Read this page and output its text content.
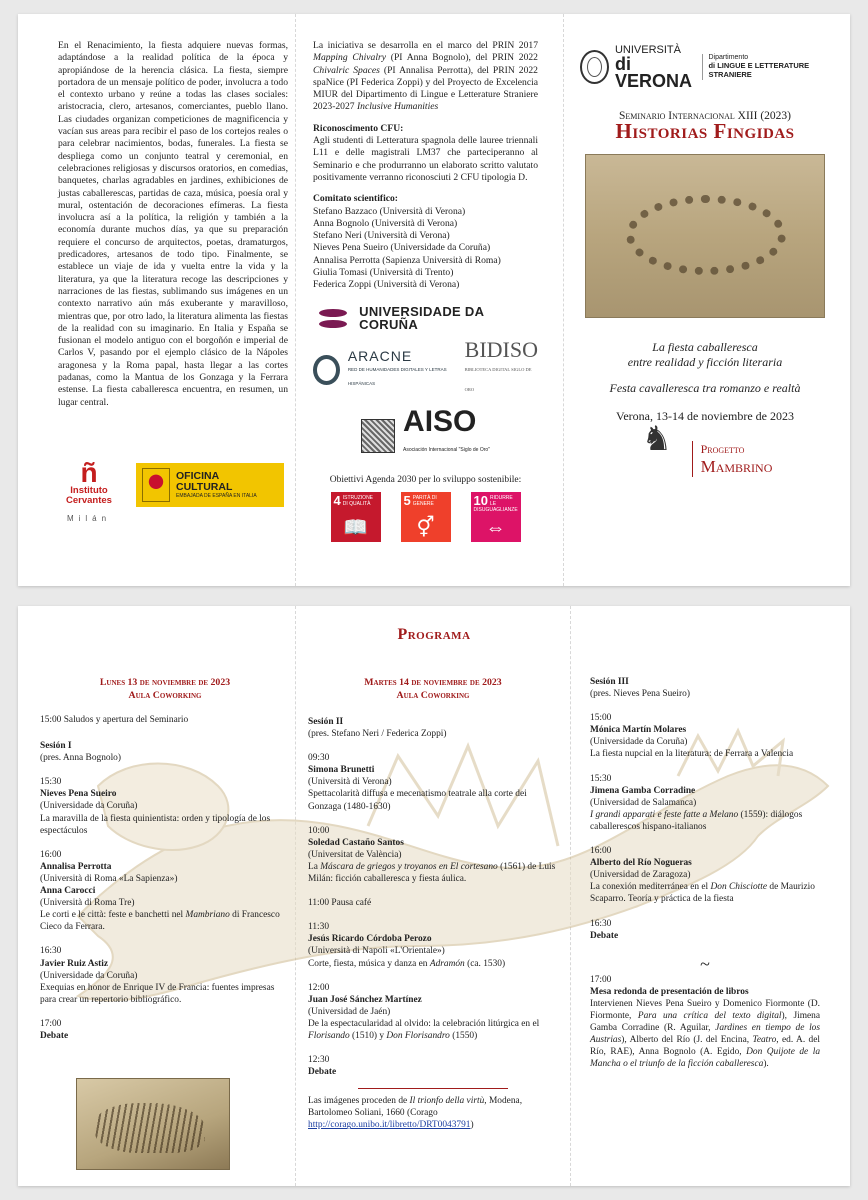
En el Renacimiento, la fiesta adquiere nuevas formas, adaptándose a la realidad política de la época y apropiándose de la herencia clásica. La fiesta, siempre portadora de un mensaje político de poder, involucra a todo el contexto urbano y reúne a todas las clases sociales: aristocracia, clero, artesanos, comerciantes, pueblo llano. Las ciudades organizan competiciones de magnificencia y vacían sus areas para recibir el paso de los cortejos reales o para celebrar nacimientos, bodas, funerales. La fiesta se despliega como un conjunto teatral y ceremonial, en celebraciones religiosas y discursos oratorios, en comedias, banquetes, charlas agradables en jardines, exhibiciones de justas caballerescas, partidas de caza, música, poesía oral y mural, ostentación de decoraciones efímeras. La fiesta involucra así a la política, la religión y también a la economía durante muchos días, ya que su preparación requiere el concurso de arquitectos, poetas, dramaturgos, predicadores, artesanos de todo tipo. Finalmente, se establece un viaje de ida y vuelta entre la vida y la literatura, ya que la literatura recoge las descripciones y narraciones de las fiestas, sublimando sus imágenes en un contexto narrativo aún más exuberante y maravilloso, mientras que, por otro lado, la literatura alimenta las fiestas de la realidad con su imaginario. En Italia y España se fusionan el modelo antiguo con el borgoñón e imperial de Carlos V, pasando por el ejemplo clásico de la Nápoles aragonesa y la Roma papal, hasta llegar a las cortes padanas, como la Mantua de los Gonzaga y la Ferrara estense. La fiesta caballeresca encuentra, en resumen, un lugar central.

ñ
Instituto Cervantes
Milán
OFICINA CULTURAL
EMBAJADA DE ESPAÑA EN ITALIA

La iniciativa se desarrolla en el marco del PRIN 2017 Mapping Chivalry (PI Anna Bognolo), del PRIN 2022 Chivalric Spaces (PI Annalisa Perrotta), del PRIN 2022 spaNice (PI Federica Zoppi) y del Proyecto de Excelencia MIUR del Dipartimento di Lingue e Letterature Straniere 2023-2027 Inclusive Humanities

Riconoscimento CFU:

Agli studenti di Letteratura spagnola delle lauree triennali L11 e delle magistrali LM37 che parteciperanno al Seminario e che produrranno un elaborato scritto valutato positivamente verranno riconosciuti 2 CFU tipologia D.

Comitato scientifico:

Stefano Bazzaco (Università di Verona)
Anna Bognolo (Università di Verona)
Stefano Neri (Università di Verona)
Nieves Pena Sueiro (Universidade da Coruña)
Annalisa Perrotta (Sapienza Università di Roma)
Giulia Tomasi (Università di Trento)
Federica Zoppi (Università di Verona)
UNIVERSIDADE DA CORUÑA
ARACNE
RED DE HUMANIDADES DIGITALES Y LETRAS HISPÁNICAS
BIDISO
BIBLIOTECA DIGITAL SIGLO DE ORO
AISO
Asociación Internacional "Siglo de Oro"

Obiettivi Agenda 2030 per lo sviluppo sostenibile:

4 ISTRUZIONE DI QUALITÀ
📖
5 PARITÀ DI GENERE
⚥
10 RIDURRE LE DISUGUAGLIANZE
⇔
UNIVERSITÀ
di VERONA
Dipartimento
di LINGUE E LETTERATURE STRANIERE

Seminario Internacional XIII (2023)

Historias Fingidas

La fiesta caballeresca
entre realidad y ficción literaria

Festa cavalleresca tra romanzo e realtà

Verona, 13-14 de noviembre de 2023

♞
Progetto
Mambrino
Programa
Lunes 13 de noviembre de 2023
Aula Coworking

15:00 Saludos y apertura del Seminario

Sesión I

(pres. Anna Bognolo)

15:30

Nieves Pena Sueiro

(Universidade da Coruña)

La maravilla de la fiesta quinientista: orden y tipología de los espectáculos

16:00

Annalisa Perrotta

(Università di Roma «La Sapienza»)

Anna Carocci

(Università di Roma Tre)

Le corti e le città: feste e banchetti nel Mambriano di Francesco Cieco da Ferrara.

16:30

Javier Ruiz Astiz

(Universidade da Coruña)

Exequias en honor de Enrique IV de Francia: fuentes impresas para crear un repertorio bibliográfico.

17:00

Debate

Martes 14 de noviembre de 2023
Aula Coworking

Sesión II

(pres. Stefano Neri / Federica Zoppi)

09:30

Simona Brunetti

(Università di Verona)

Spettacolarità diffusa e mecenatismo teatrale alla corte dei Gonzaga (1480-1630)

10:00

Soledad Castaño Santos

(Universitat de València)

La Máscara de griegos y troyanos en El cortesano (1561) de Luis Milán: ficción caballeresca y fiesta áulica.

11:00 Pausa café

11:30

Jesús Ricardo Córdoba Perozo

(Università di Napoli «L'Orientale»)

Corte, fiesta, música y danza en Adramón (ca. 1530)

12:00

Juan José Sánchez Martínez

(Universidad de Jaén)

De la espectacularidad al olvido: la celebración litúrgica en el Florisando (1510) y Don Florisandro (1550)

12:30

Debate

Las imágenes proceden de Il trionfo della virtù, Modena, Bartolomeo Soliani, 1660 (Corago http://corago.unibo.it/libretto/DRT0043791)

Sesión III

(pres. Nieves Pena Sueiro)

15:00

Mónica Martín Molares

(Universidade da Coruña)

La fiesta nupcial en la literatura: de Ferrara a Valencia

15:30

Jimena Gamba Corradine

(Universidad de Salamanca)

I grandi apparati e feste fatte a Melano (1559): diálogos caballerescos hispano-italianos

16:00

Alberto del Río Nogueras

(Universidad de Zaragoza)

La conexión mediterránea en el Don Chisciotte de Maurizio Scaparro. Teoría y práctica de la fiesta

16:30

Debate

~

17:00

Mesa redonda de presentación de libros

Intervienen Nieves Pena Sueiro y Domenico Fiormonte (D. Fiormonte, Para una crítica del texto digital), Jimena Gamba Corradine (R. Aguilar, Jardines en tiempo de los Austrias), Alberto del Río (J. del Encina, Teatro, ed. A. del Río, RAE), Anna Bognolo (A. Egido, Don Quijote de la Mancha o el triunfo de la ficción caballeresca).
